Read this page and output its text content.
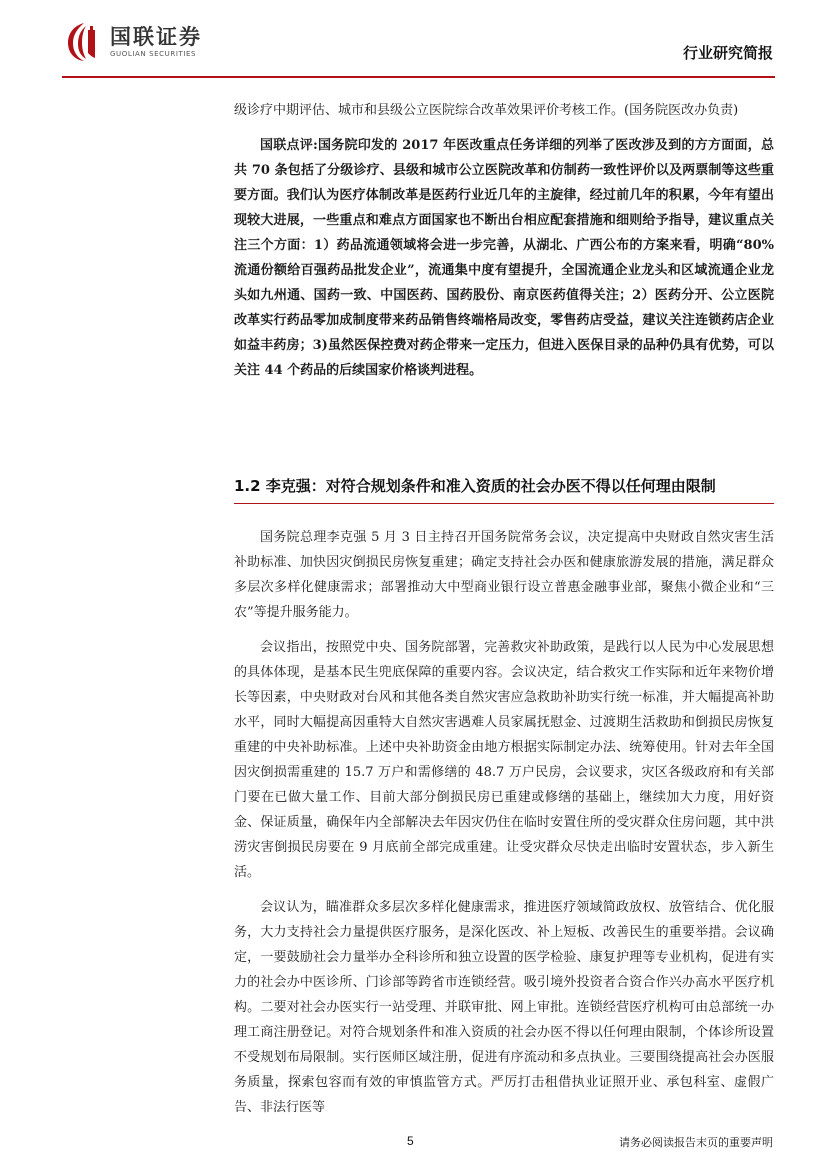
国联证券
GUOLIAN SECURITIES	行业研究简报

级诊疗中期评估、城市和县级公立医院综合改革效果评价考核工作。(国务院医改办负责)

国联点评:国务院印发的 2017 年医改重点任务详细的列举了医改涉及到的方方面面，总共 70 条包括了分级诊疗、县级和城市公立医院改革和仿制药一致性评价以及两票制等这些重要方面。我们认为医疗体制改革是医药行业近几年的主旋律，经过前几年的积累，今年有望出现较大进展，一些重点和难点方面国家也不断出台相应配套措施和细则给予指导，建议重点关注三个方面：1）药品流通领域将会进一步完善，从湖北、广西公布的方案来看，明确“80%流通份额给百强药品批发企业”，流通集中度有望提升，全国流通企业龙头和区域流通企业龙头如九州通、国药一致、中国医药、国药股份、南京医药值得关注；2）医药分开、公立医院改革实行药品零加成制度带来药品销售终端格局改变，零售药店受益，建议关注连锁药店企业如益丰药房；3)虽然医保控费对药企带来一定压力，但进入医保目录的品种仍具有优势，可以关注 44 个药品的后续国家价格谈判进程。

1.2 李克强：对符合规划条件和准入资质的社会办医不得以任何理由限制

国务院总理李克强 5 月 3 日主持召开国务院常务会议，决定提高中央财政自然灾害生活补助标准、加快因灾倒损民房恢复重建；确定支持社会办医和健康旅游发展的措施，满足群众多层次多样化健康需求；部署推动大中型商业银行设立普惠金融事业部，聚焦小微企业和“三农”等提升服务能力。

会议指出，按照党中央、国务院部署，完善救灾补助政策，是践行以人民为中心发展思想的具体体现，是基本民生兜底保障的重要内容。会议决定，结合救灾工作实际和近年来物价增长等因素，中央财政对台风和其他各类自然灾害应急救助补助实行统一标准，并大幅提高补助水平，同时大幅提高因重特大自然灾害遇难人员家属抚慰金、过渡期生活救助和倒损民房恢复重建的中央补助标准。上述中央补助资金由地方根据实际制定办法、统筹使用。针对去年全国因灾倒损需重建的 15.7 万户和需修缮的 48.7 万户民房，会议要求，灾区各级政府和有关部门要在已做大量工作、目前大部分倒损民房已重建或修缮的基础上，继续加大力度，用好资金、保证质量，确保年内全部解决去年因灾仍住在临时安置住所的受灾群众住房问题，其中洪涝灾害倒损民房要在 9 月底前全部完成重建。让受灾群众尽快走出临时安置状态，步入新生活。

会议认为，瞄准群众多层次多样化健康需求，推进医疗领域简政放权、放管结合、优化服务，大力支持社会力量提供医疗服务，是深化医改、补上短板、改善民生的重要举措。会议确定，一要鼓励社会力量举办全科诊所和独立设置的医学检验、康复护理等专业机构，促进有实力的社会办中医诊所、门诊部等跨省市连锁经营。吸引境外投资者合资合作兴办高水平医疗机构。二要对社会办医实行一站受理、并联审批、网上审批。连锁经营医疗机构可由总部统一办理工商注册登记。对符合规划条件和准入资质的社会办医不得以任何理由限制，个体诊所设置不受规划布局限制。实行医师区域注册，促进有序流动和多点执业。三要围绕提高社会办医服务质量，探索包容而有效的审慎监管方式。严厉打击租借执业证照开业、承包科室、虚假广告、非法行医等

5	请务必阅读报告末页的重要声明
